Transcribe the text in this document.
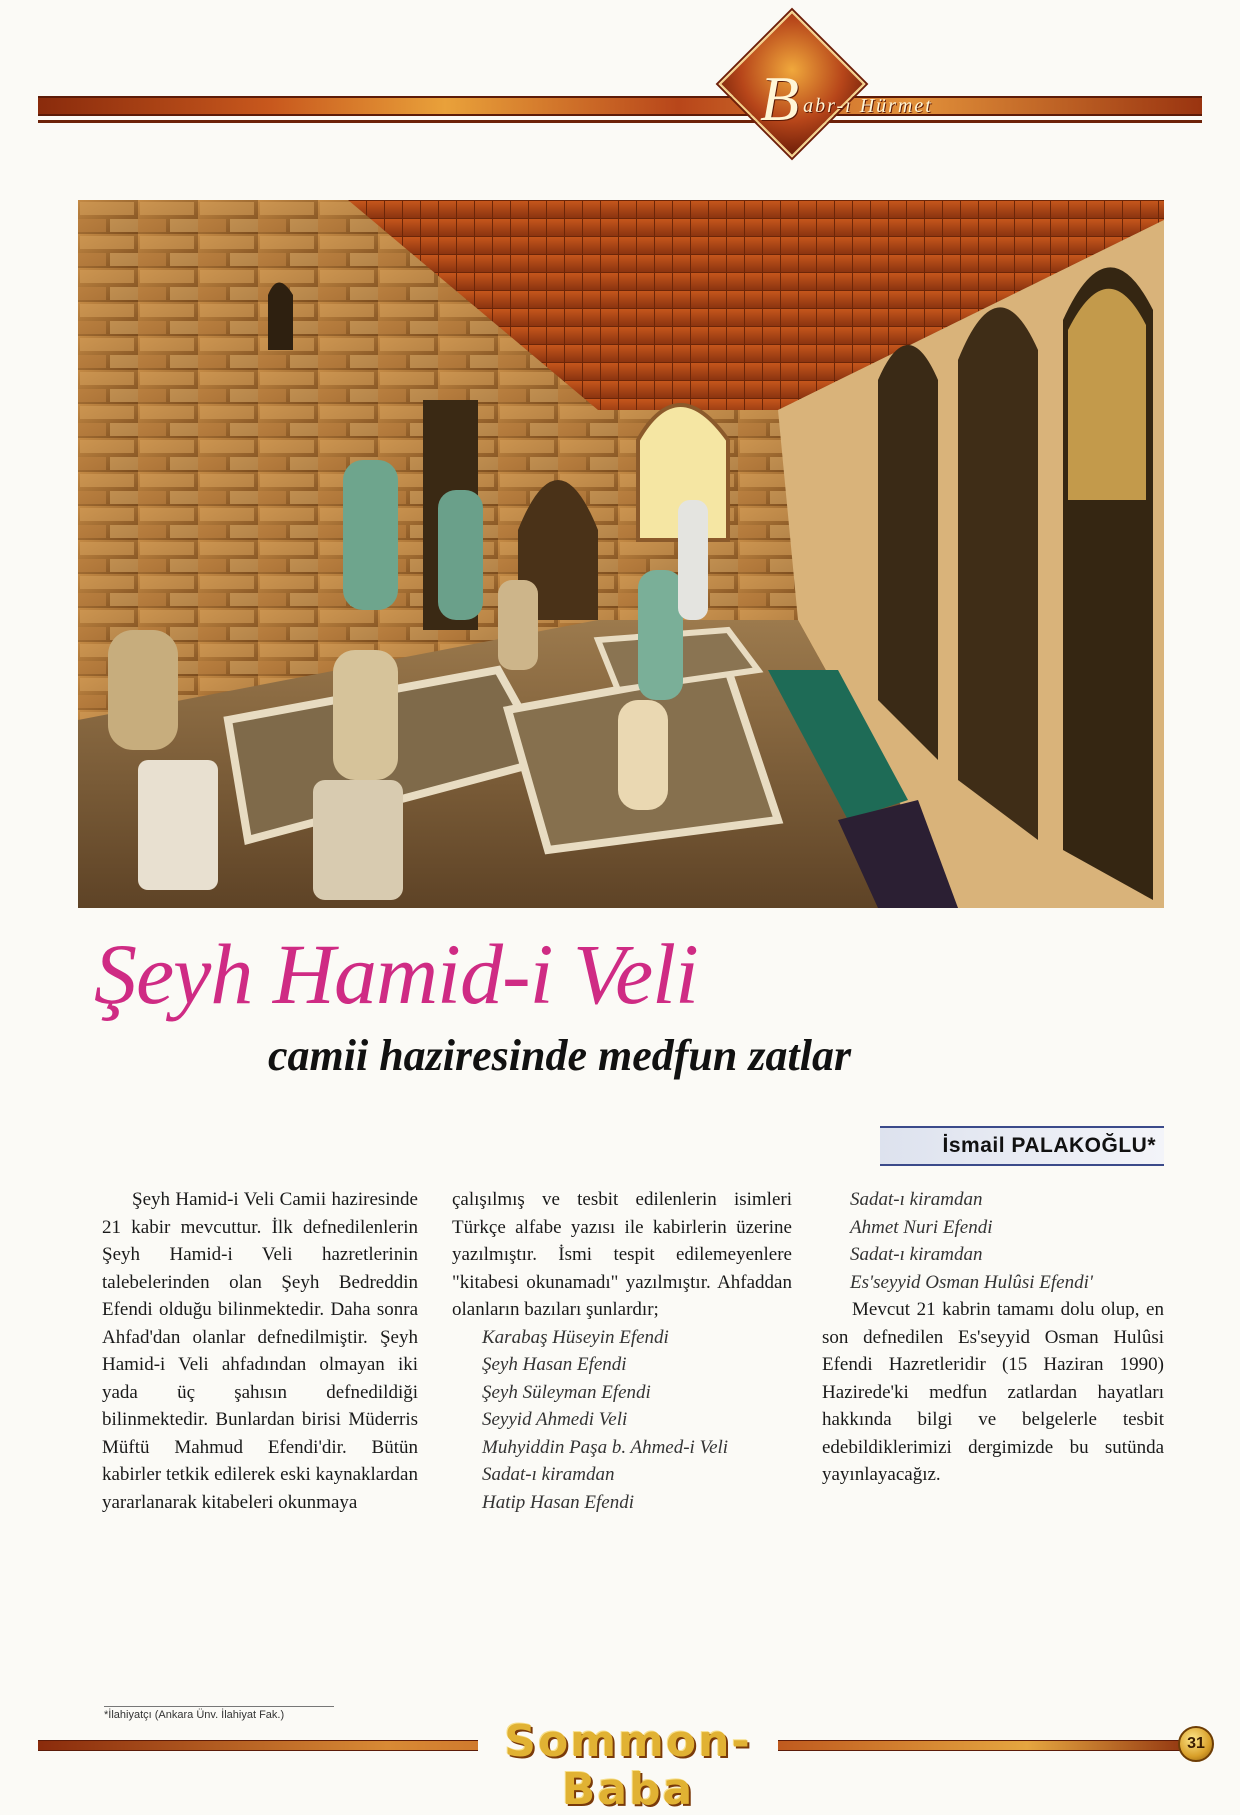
B abr-ı Hürmet
Şeyh Hamid-i Veli
camii haziresinde medfun zatlar
İsmail PALAKOĞLU*

Şeyh Hamid-i Veli Camii haziresinde 21 kabir mevcuttur. İlk defnedilenlerin Şeyh Hamid-i Veli hazretlerinin talebelerinden olan Şeyh Bedreddin Efendi olduğu bilinmektedir. Daha sonra Ahfad'dan olanlar defnedilmiştir. Şeyh Hamid-i Veli ahfadından olmayan iki yada üç şahısın defnedildiği bilinmektedir. Bunlardan birisi Müderris Müftü Mahmud Efendi'dir. Bütün kabirler tetkik edilerek eski kaynaklardan yararlanarak kitabeleri okunmaya

çalışılmış ve tesbit edilenlerin isimleri Türkçe alfabe yazısı ile kabirlerin üzerine yazılmıştır. İsmi tespit edilemeyenlere "kitabesi okunamadı" yazılmıştır. Ahfaddan olanların bazıları şunlardır;

Karabaş Hüseyin Efendi
Şeyh Hasan Efendi
Şeyh Süleyman Efendi
Seyyid Ahmedi Veli
Muhyiddin Paşa b. Ahmed-i Veli
Sadat-ı kiramdan
Hatip Hasan Efendi
Sadat-ı kiramdan
Ahmet Nuri Efendi
Sadat-ı kiramdan
Es'seyyid Osman Hulûsi Efendi'

Mevcut 21 kabrin tamamı dolu olup, en son defnedilen Es'seyyid Osman Hulûsi Efendi Hazretleridir (15 Haziran 1990) Hazirede'ki medfun zatlardan hayatları hakkında bilgi ve belgelerle tesbit edebildiklerimizi dergimizde bu sutünda yayınlayacağız.

*İlahiyatçı (Ankara Ünv. İlahiyat Fak.)
Sommon-Baba
31
